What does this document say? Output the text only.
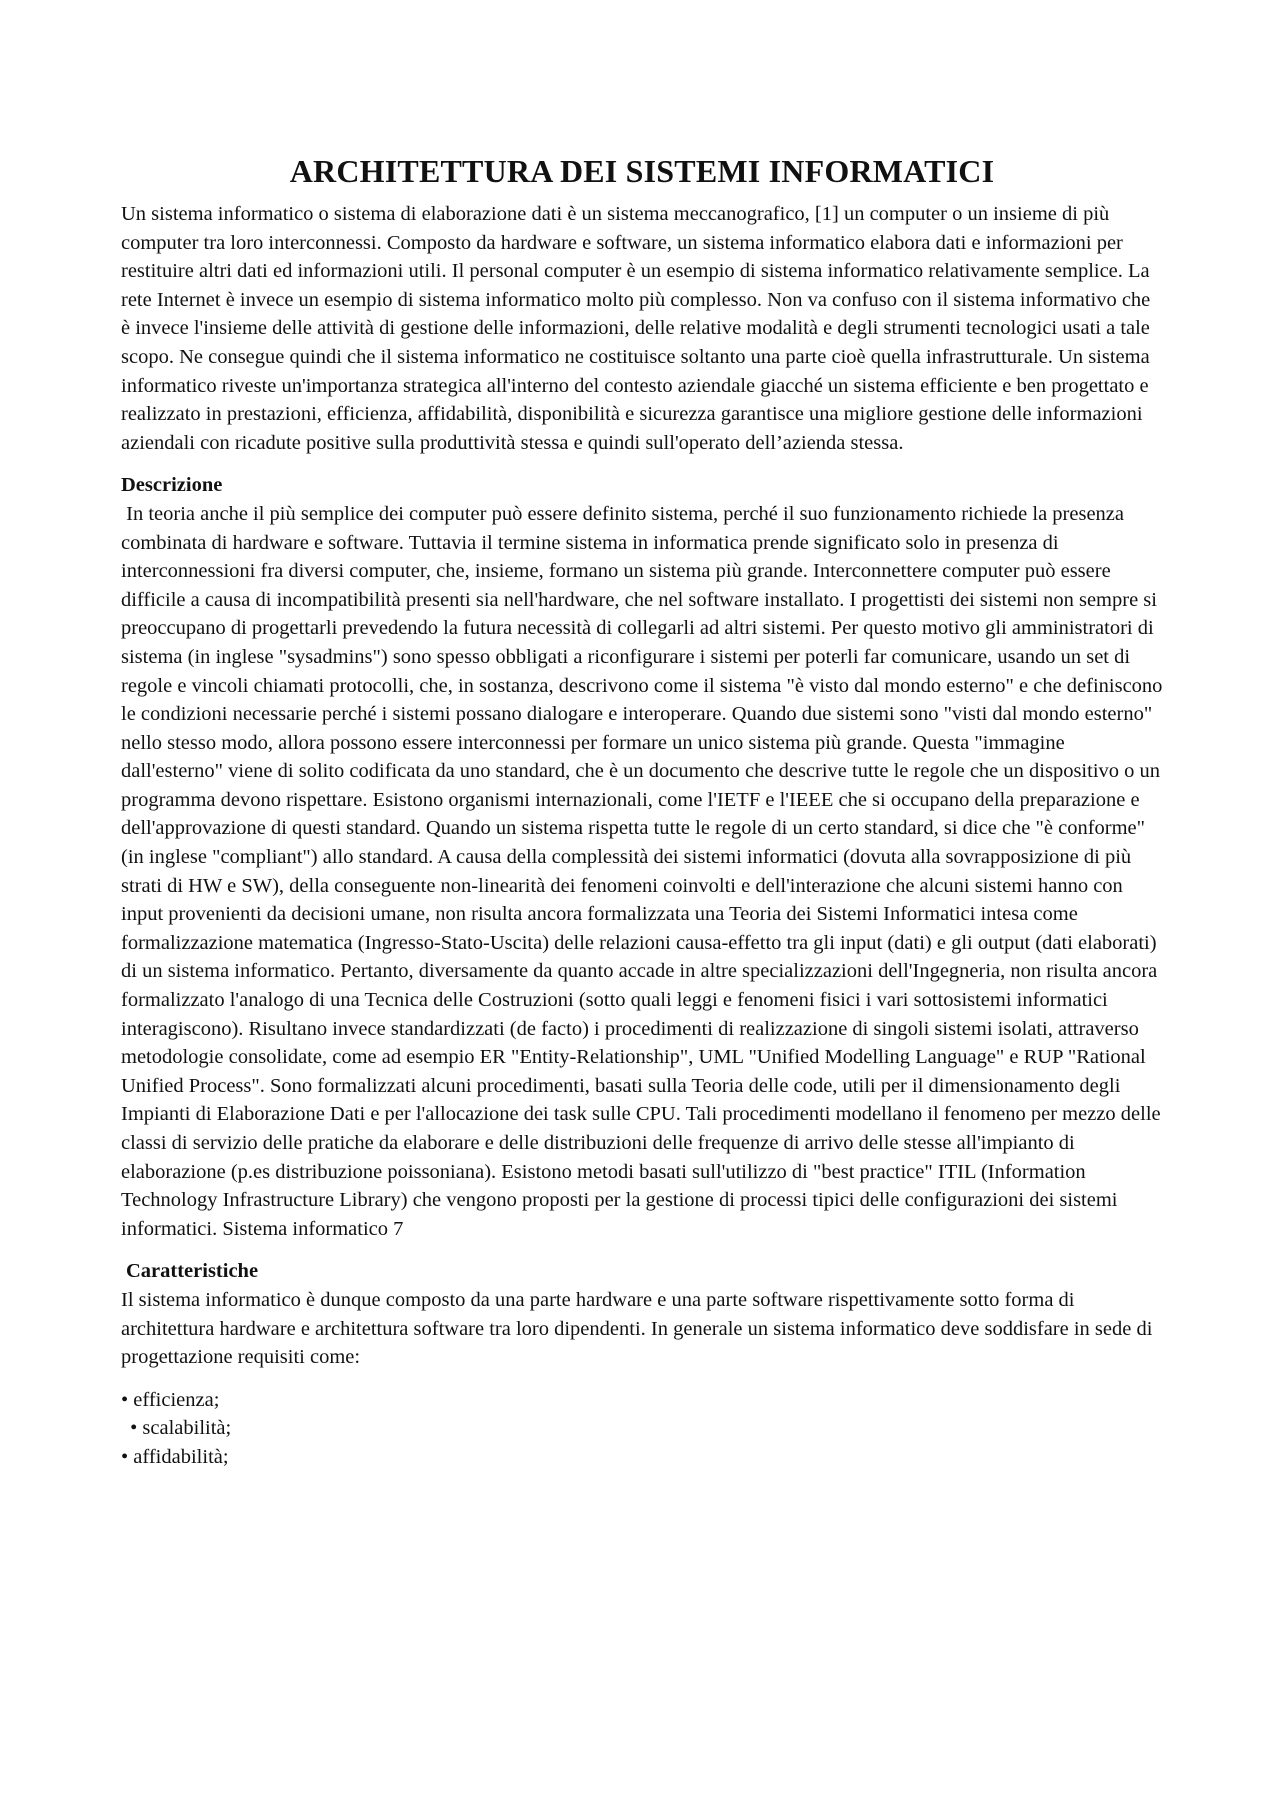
ARCHITETTURA DEI SISTEMI INFORMATICI

Un sistema informatico o sistema di elaborazione dati è un sistema meccanografico, [1] un computer o un insieme di più computer tra loro interconnessi. Composto da hardware e software, un sistema informatico elabora dati e informazioni per restituire altri dati ed informazioni utili. Il personal computer è un esempio di sistema informatico relativamente semplice. La rete Internet è invece un esempio di sistema informatico molto più complesso. Non va confuso con il sistema informativo che è invece l'insieme delle attività di gestione delle informazioni, delle relative modalità e degli strumenti tecnologici usati a tale scopo. Ne consegue quindi che il sistema informatico ne costituisce soltanto una parte cioè quella infrastrutturale. Un sistema informatico riveste un'importanza strategica all'interno del contesto aziendale giacché un sistema efficiente e ben progettato e realizzato in prestazioni, efficienza, affidabilità, disponibilità e sicurezza garantisce una migliore gestione delle informazioni aziendali con ricadute positive sulla produttività stessa e quindi sull'operato dell’azienda stessa.

Descrizione

In teoria anche il più semplice dei computer può essere definito sistema, perché il suo funzionamento richiede la presenza combinata di hardware e software. Tuttavia il termine sistema in informatica prende significato solo in presenza di interconnessioni fra diversi computer, che, insieme, formano un sistema più grande. Interconnettere computer può essere difficile a causa di incompatibilità presenti sia nell'hardware, che nel software installato. I progettisti dei sistemi non sempre si preoccupano di progettarli prevedendo la futura necessità di collegarli ad altri sistemi. Per questo motivo gli amministratori di sistema (in inglese "sysadmins") sono spesso obbligati a riconfigurare i sistemi per poterli far comunicare, usando un set di regole e vincoli chiamati protocolli, che, in sostanza, descrivono come il sistema "è visto dal mondo esterno" e che definiscono le condizioni necessarie perché i sistemi possano dialogare e interoperare. Quando due sistemi sono "visti dal mondo esterno" nello stesso modo, allora possono essere interconnessi per formare un unico sistema più grande. Questa "immagine dall'esterno" viene di solito codificata da uno standard, che è un documento che descrive tutte le regole che un dispositivo o un programma devono rispettare. Esistono organismi internazionali, come l'IETF e l'IEEE che si occupano della preparazione e dell'approvazione di questi standard. Quando un sistema rispetta tutte le regole di un certo standard, si dice che "è conforme" (in inglese "compliant") allo standard. A causa della complessità dei sistemi informatici (dovuta alla sovrapposizione di più strati di HW e SW), della conseguente non-linearità dei fenomeni coinvolti e dell'interazione che alcuni sistemi hanno con input provenienti da decisioni umane, non risulta ancora formalizzata una Teoria dei Sistemi Informatici intesa come formalizzazione matematica (Ingresso-Stato-Uscita) delle relazioni causa-effetto tra gli input (dati) e gli output (dati elaborati) di un sistema informatico. Pertanto, diversamente da quanto accade in altre specializzazioni dell'Ingegneria, non risulta ancora formalizzato l'analogo di una Tecnica delle Costruzioni (sotto quali leggi e fenomeni fisici i vari sottosistemi informatici interagiscono). Risultano invece standardizzati (de facto) i procedimenti di realizzazione di singoli sistemi isolati, attraverso metodologie consolidate, come ad esempio ER "Entity-Relationship", UML "Unified Modelling Language" e RUP "Rational Unified Process". Sono formalizzati alcuni procedimenti, basati sulla Teoria delle code, utili per il dimensionamento degli Impianti di Elaborazione Dati e per l'allocazione dei task sulle CPU. Tali procedimenti modellano il fenomeno per mezzo delle classi di servizio delle pratiche da elaborare e delle distribuzioni delle frequenze di arrivo delle stesse all'impianto di elaborazione (p.es distribuzione poissoniana). Esistono metodi basati sull'utilizzo di "best practice" ITIL (Information Technology Infrastructure Library) che vengono proposti per la gestione di processi tipici delle configurazioni dei sistemi informatici. Sistema informatico 7

Caratteristiche

Il sistema informatico è dunque composto da una parte hardware e una parte software rispettivamente sotto forma di architettura hardware e architettura software tra loro dipendenti. In generale un sistema informatico deve soddisfare in sede di progettazione requisiti come:

• efficienza;
• scalabilità;
• affidabilità;
